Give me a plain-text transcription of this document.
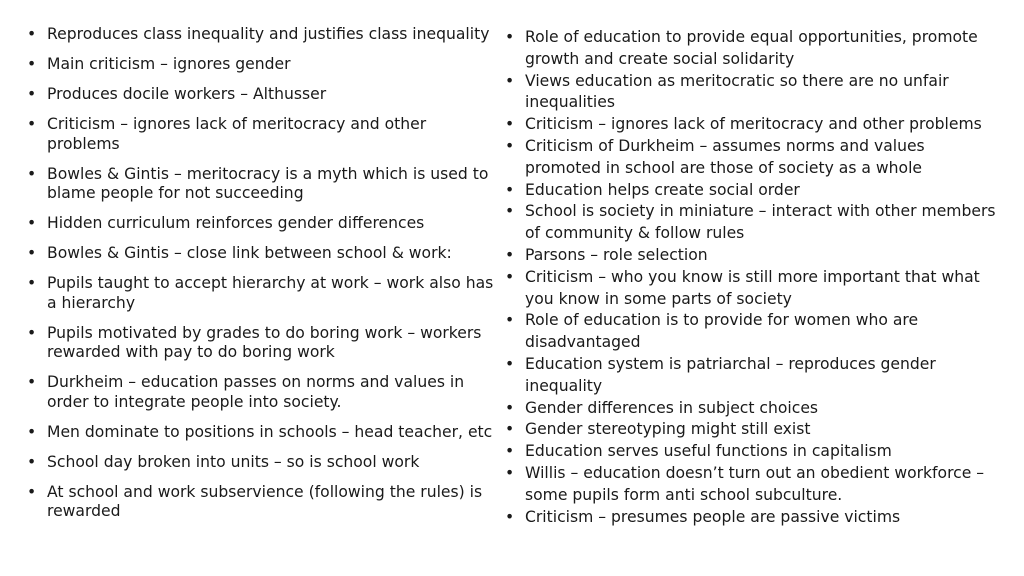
• Reproduces class inequality and justifies class inequality
• Main criticism – ignores gender
• Produces docile workers – Althusser
• Criticism – ignores lack of meritocracy and other problems
• Bowles & Gintis – meritocracy is a myth which is used to blame people for not succeeding
• Hidden curriculum reinforces gender differences
• Bowles & Gintis – close link between school & work:
• Pupils taught to accept hierarchy at work – work also has a hierarchy
• Pupils motivated by grades to do boring work – workers rewarded with pay to do boring work
• Durkheim – education passes on norms and values in order to integrate people into society.
• Men dominate to positions in schools – head teacher, etc
• School day broken into units – so is school work
• At school and work subservience (following the rules) is rewarded
• Role of education to provide equal opportunities, promote growth and create social solidarity
• Views education as meritocratic so there are no unfair inequalities
• Criticism – ignores lack of meritocracy and other problems
• Criticism of Durkheim – assumes norms and values promoted in school are those of society as a whole
• Education helps create social order
• School is society in miniature – interact with other members of community & follow rules
• Parsons – role selection
• Criticism – who you know is still more important that what you know in some parts of society
• Role of education is to provide for women who are disadvantaged
• Education system is patriarchal – reproduces gender inequality
• Gender differences in subject choices
• Gender stereotyping might still exist
• Education serves useful functions in capitalism
• Willis – education doesn’t turn out an obedient workforce – some pupils form anti school subculture.
• Criticism – presumes people are passive victims
